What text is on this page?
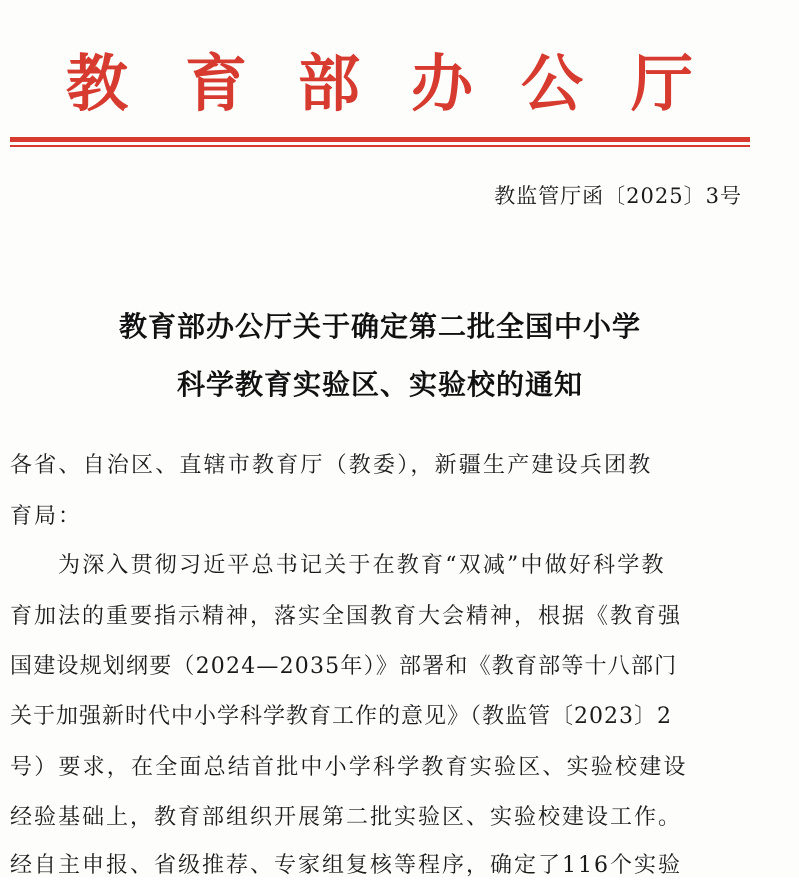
教 育 部 办 公 厅
教监管厅函〔2025〕3号
教育部办公厅关于确定第二批全国中小学
科学教育实验区、实验校的通知
各省、自治区、直辖市教育厅（教委），新疆生产建设兵团教
育局：
为深入贯彻习近平总书记关于在教育“双减”中做好科学教
育加法的重要指示精神，落实全国教育大会精神，根据《教育强
国建设规划纲要（2024—2035年）》部署和《教育部等十八部门
关于加强新时代中小学科学教育工作的意见》（教监管〔2023〕2
号）要求，在全面总结首批中小学科学教育实验区、实验校建设
经验基础上，教育部组织开展第二批实验区、实验校建设工作。
经自主申报、省级推荐、专家组复核等程序，确定了116个实验
